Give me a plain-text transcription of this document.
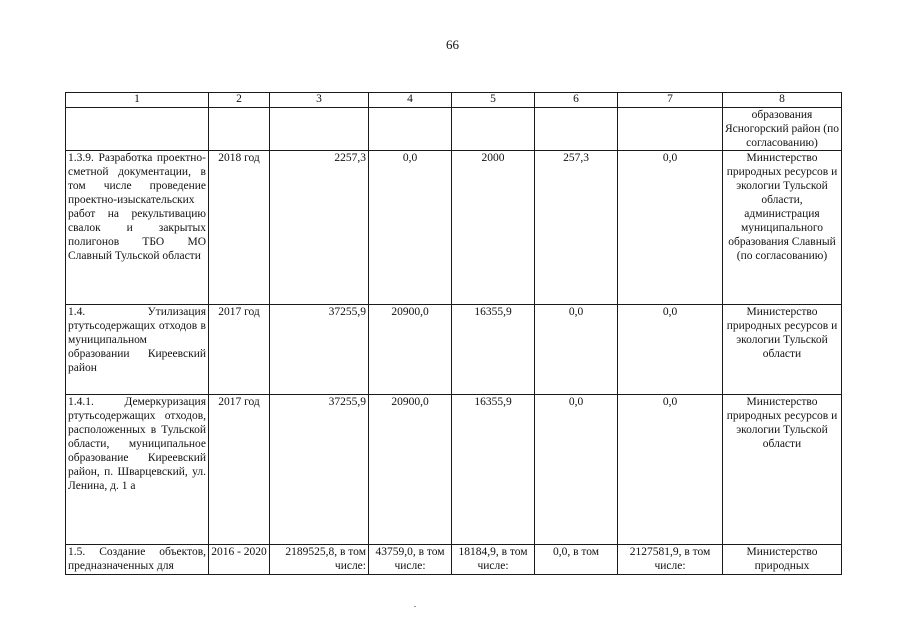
66
1	2	3	4	5	6	7	8
							образования Ясногорский район (по согласованию)
1.3.9. Разработка проектно-сметной документации, в том числе проведение проектно-изыскательских работ на рекультивацию свалок и закрытых полигонов ТБО МО Славный Тульской области	2018 год	2257,3	0,0	2000	257,3	0,0	Министерство природных ресурсов и экологии Тульской области, администрация муниципального образования Славный (по согласованию)
1.4. Утилизация ртутьсодержащих отходов в муниципальном образовании Киреевский район	2017 год	37255,9	20900,0	16355,9	0,0	0,0	Министерство природных ресурсов и экологии Тульской области
1.4.1. Демеркуризация ртутьсодержащих отходов, расположенных в Тульской области, муниципальное образование Киреевский район, п. Шварцевский, ул. Ленина, д. 1 а	2017 год	37255,9	20900,0	16355,9	0,0	0,0	Министерство природных ресурсов и экологии Тульской области
1.5. Создание объектов, предназначенных для	2016 - 2020	2189525,8, в том числе:	43759,0, в том числе:	18184,9, в том числе:	0,0, в том	2127581,9, в том числе:	Министерство природных
